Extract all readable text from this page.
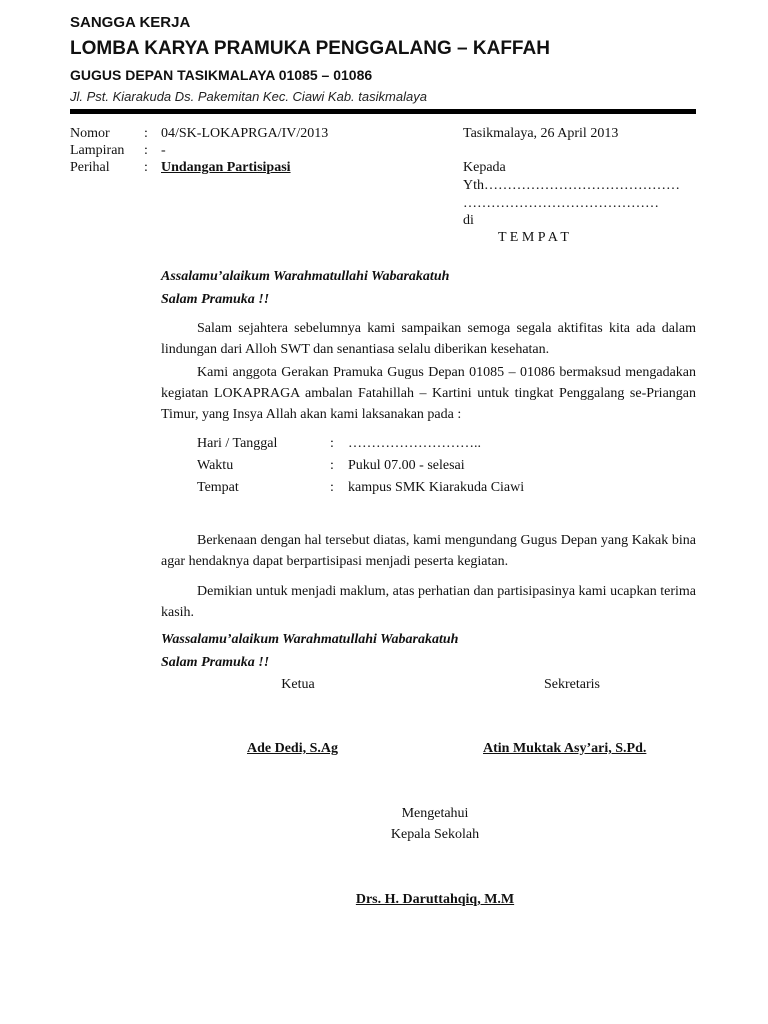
SANGGA KERJA
LOMBA KARYA PRAMUKA PENGGALANG – KAFFAH
GUGUS DEPAN TASIKMALAYA 01085 – 01086
Jl. Pst. Kiarakuda Ds. Pakemitan Kec. Ciawi Kab. tasikmalaya
Nomor : 04/SK-LOKAPRGA/IV/2013
Lampiran : -
Perihal : Undangan Partisipasi
Tasikmalaya, 26 April 2013
Kepada
Yth……………………………………
……………………………………
di
T E M P A T
Assalamu’alaikum Warahmatullahi Wabarakatuh
Salam Pramuka !!
Salam sejahtera sebelumnya kami sampaikan semoga segala aktifitas kita ada dalam lindungan dari Alloh SWT dan senantiasa selalu diberikan kesehatan.
Kami anggota Gerakan Pramuka Gugus Depan 01085 – 01086 bermaksud mengadakan kegiatan LOKAPRAGA ambalan Fatahillah – Kartini untuk tingkat Penggalang se-Priangan Timur, yang Insya Allah akan kami laksanakan pada :
Hari / Tanggal	: ………………………..
Waktu	: Pukul 07.00 - selesai
Tempat	: kampus SMK Kiarakuda Ciawi
Berkenaan dengan hal tersebut diatas, kami mengundang Gugus Depan yang Kakak bina agar hendaknya dapat berpartisipasi menjadi peserta kegiatan.
Demikian untuk menjadi maklum, atas perhatian dan partisipasinya kami ucapkan terima kasih.
Wassalamu’alaikum Warahmatullahi Wabarakatuh
Salam Pramuka !!
Ketua	Sekretaris
Ade Dedi, S.Ag	Atin Muktak Asy’ari, S.Pd.
Mengetahui
Kepala Sekolah
Drs. H. Daruttahqiq, M.M
